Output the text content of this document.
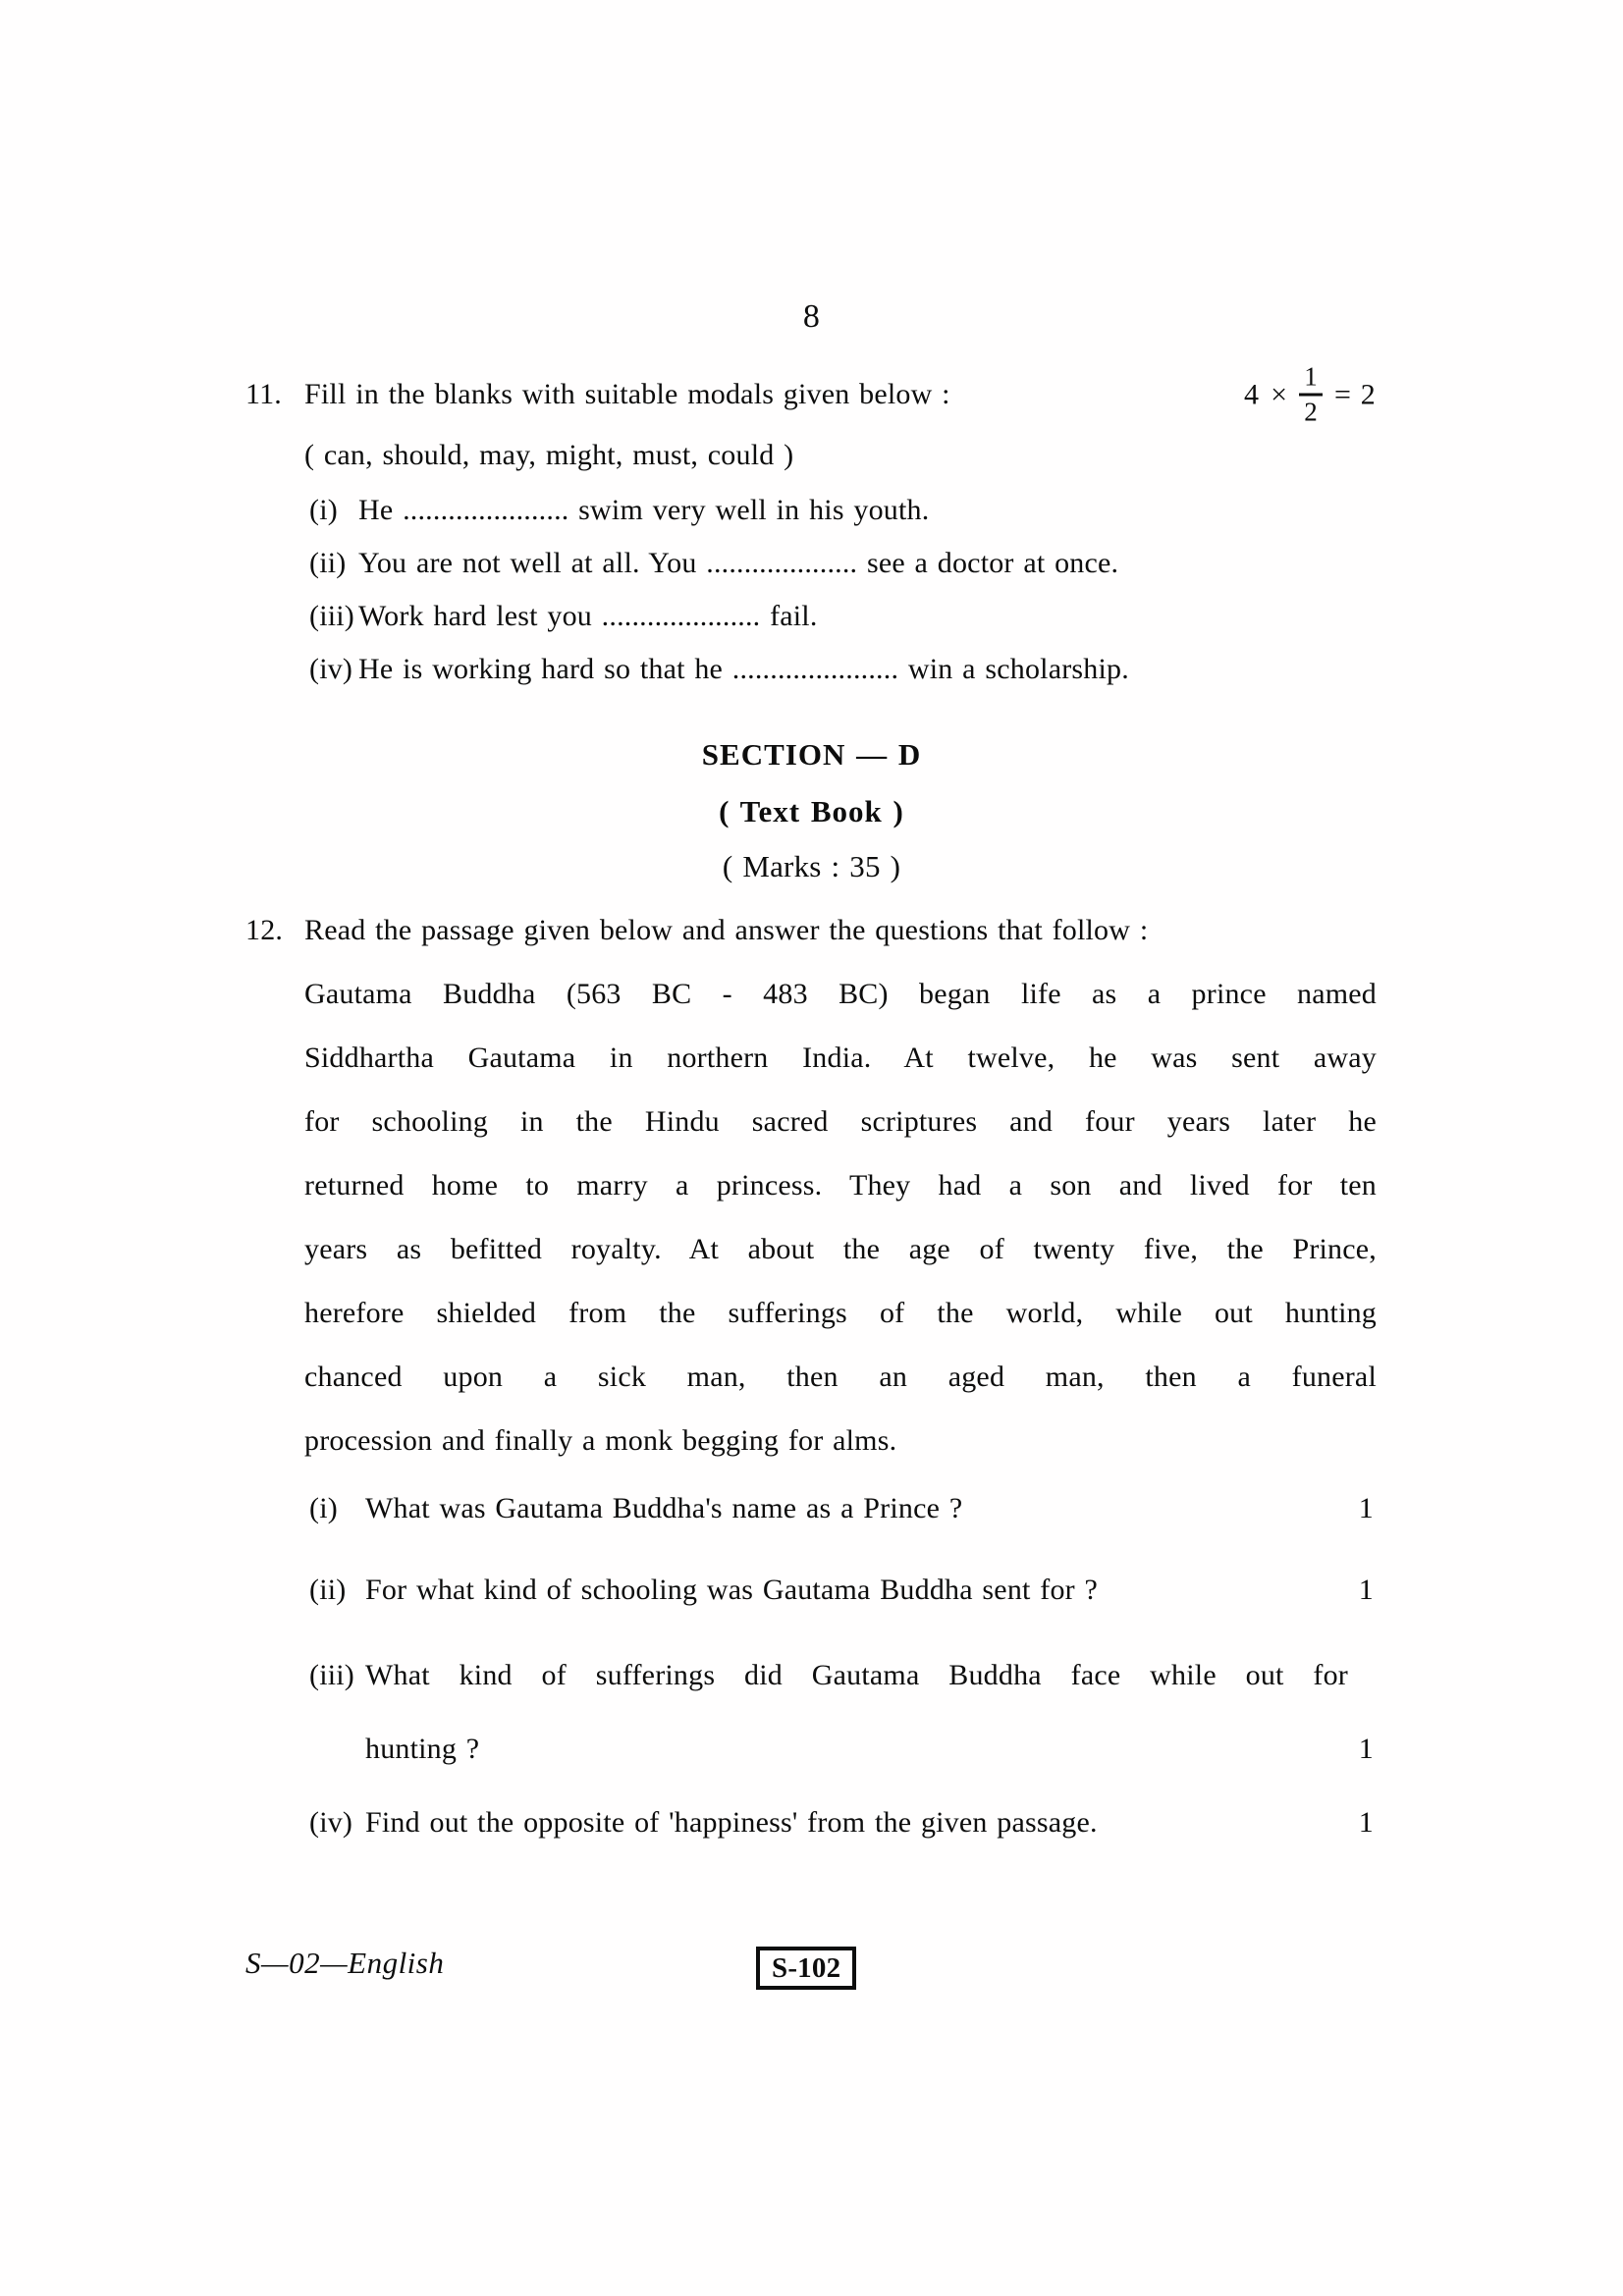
8
11. Fill in the blanks with suitable modals given below :	$4 \times \frac{1}{2} = 2$
( can, should, may, might, must, could )
(i) He ...................... swim very well in his youth.
(ii) You are not well at all. You .................... see a doctor at once.
(iii) Work hard lest you ..................... fail.
(iv) He is working hard so that he ...................... win a scholarship.
SECTION — D
( Text Book )
( Marks : 35 )
12. Read the passage given below and answer the questions that follow :
Gautama Buddha (563 BC - 483 BC) began life as a prince named
Siddhartha Gautama in northern India. At twelve, he was sent away
for schooling in the Hindu sacred scriptures and four years later he
returned home to marry a princess. They had a son and lived for ten
years as befitted royalty. At about the age of twenty five, the Prince,
herefore shielded from the sufferings of the world, while out hunting
chanced upon a sick man, then an aged man, then a funeral
procession and finally a monk begging for alms.
(i) What was Gautama Buddha's name as a Prince ?	1
(ii) For what kind of schooling was Gautama Buddha sent for ?	1
(iii) What kind of sufferings did Gautama Buddha face while out for
hunting ?	1
(iv) Find out the opposite of 'happiness' from the given passage.	1
S—02—English	S-102
